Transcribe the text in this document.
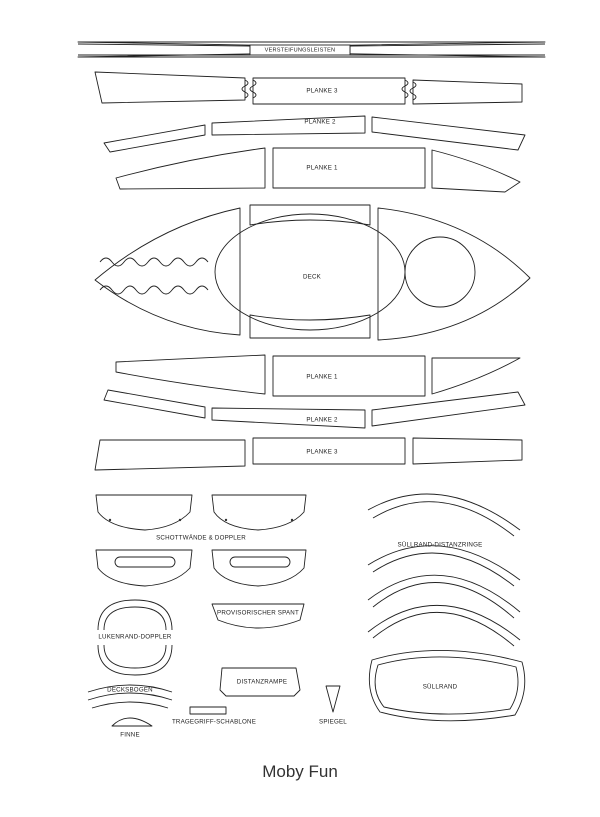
VERSTEIFUNGSLEISTEN
PLANKE 3
PLANKE 2
PLANKE 1
DECK
PLANKE 1
PLANKE 2
PLANKE 3
SCHOTTWÄNDE & DOPPLER
SÜLLRAND-DISTANZRINGE
LUKENRAND-DOPPLER
PROVISORISCHER SPANT
DECKSBOGEN
DISTANZRAMPE
TRAGEGRIFF-SCHABLONE	SPIEGEL
SÜLLRAND
FINNE
Moby Fun
